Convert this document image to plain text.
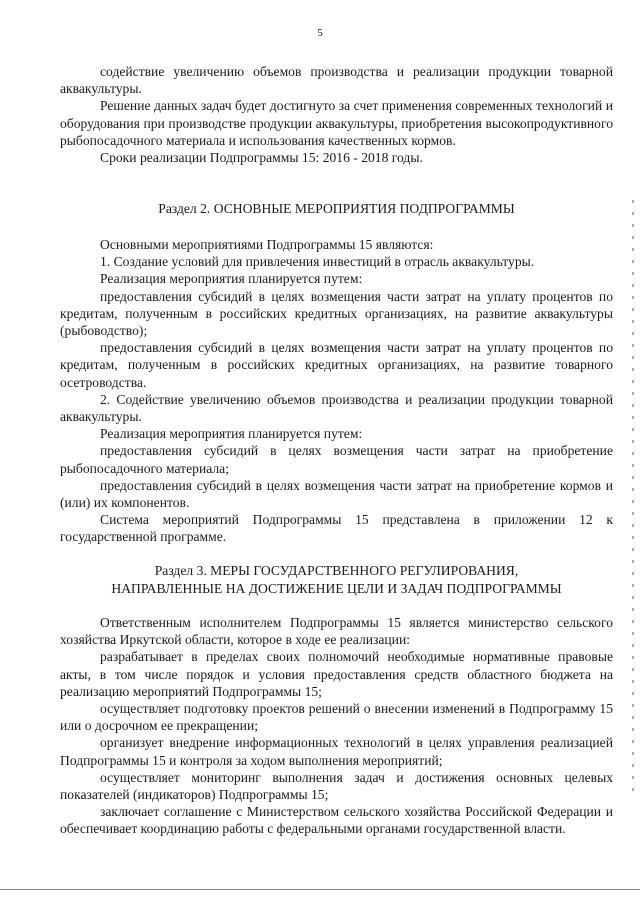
5

содействие увеличению объемов производства и реализации продукции товарной аквакультуры.

Решение данных задач будет достигнуто за счет применения современных технологий и оборудования при производстве продукции аквакультуры, приобретения высокопродуктивного рыбопосадочного материала и использования качественных кормов.

Сроки реализации Подпрограммы 15: 2016 - 2018 годы.

Раздел 2. ОСНОВНЫЕ МЕРОПРИЯТИЯ ПОДПРОГРАММЫ

Основными мероприятиями Подпрограммы 15 являются:

1. Создание условий для привлечения инвестиций в отрасль аквакультуры.

Реализация мероприятия планируется путем:

предоставления субсидий в целях возмещения части затрат на уплату процентов по кредитам, полученным в российских кредитных организациях, на развитие аквакультуры (рыбоводство);

предоставления субсидий в целях возмещения части затрат на уплату процентов по кредитам, полученным в российских кредитных организациях, на развитие товарного осетроводства.

2. Содействие увеличению объемов производства и реализации продукции товарной аквакультуры.

Реализация мероприятия планируется путем:

предоставления субсидий в целях возмещения части затрат на приобретение рыбопосадочного материала;

предоставления субсидий в целях возмещения части затрат на приобретение кормов и (или) их компонентов.

Система мероприятий Подпрограммы 15 представлена в приложении 12 к государственной программе.

Раздел 3. МЕРЫ ГОСУДАРСТВЕННОГО РЕГУЛИРОВАНИЯ,

НАПРАВЛЕННЫЕ НА ДОСТИЖЕНИЕ ЦЕЛИ И ЗАДАЧ ПОДПРОГРАММЫ

Ответственным исполнителем Подпрограммы 15 является министерство сельского хозяйства Иркутской области, которое в ходе ее реализации:

разрабатывает в пределах своих полномочий необходимые нормативные правовые акты, в том числе порядок и условия предоставления средств областного бюджета на реализацию мероприятий Подпрограммы 15;

осуществляет подготовку проектов решений о внесении изменений в Подпрограмму 15 или о досрочном ее прекращении;

организует внедрение информационных технологий в целях управления реализацией Подпрограммы 15 и контроля за ходом выполнения мероприятий;

осуществляет мониторинг выполнения задач и достижения основных целевых показателей (индикаторов) Подпрограммы 15;

заключает соглашение с Министерством сельского хозяйства Российской Федерации и обеспечивает координацию работы с федеральными органами государственной власти.
